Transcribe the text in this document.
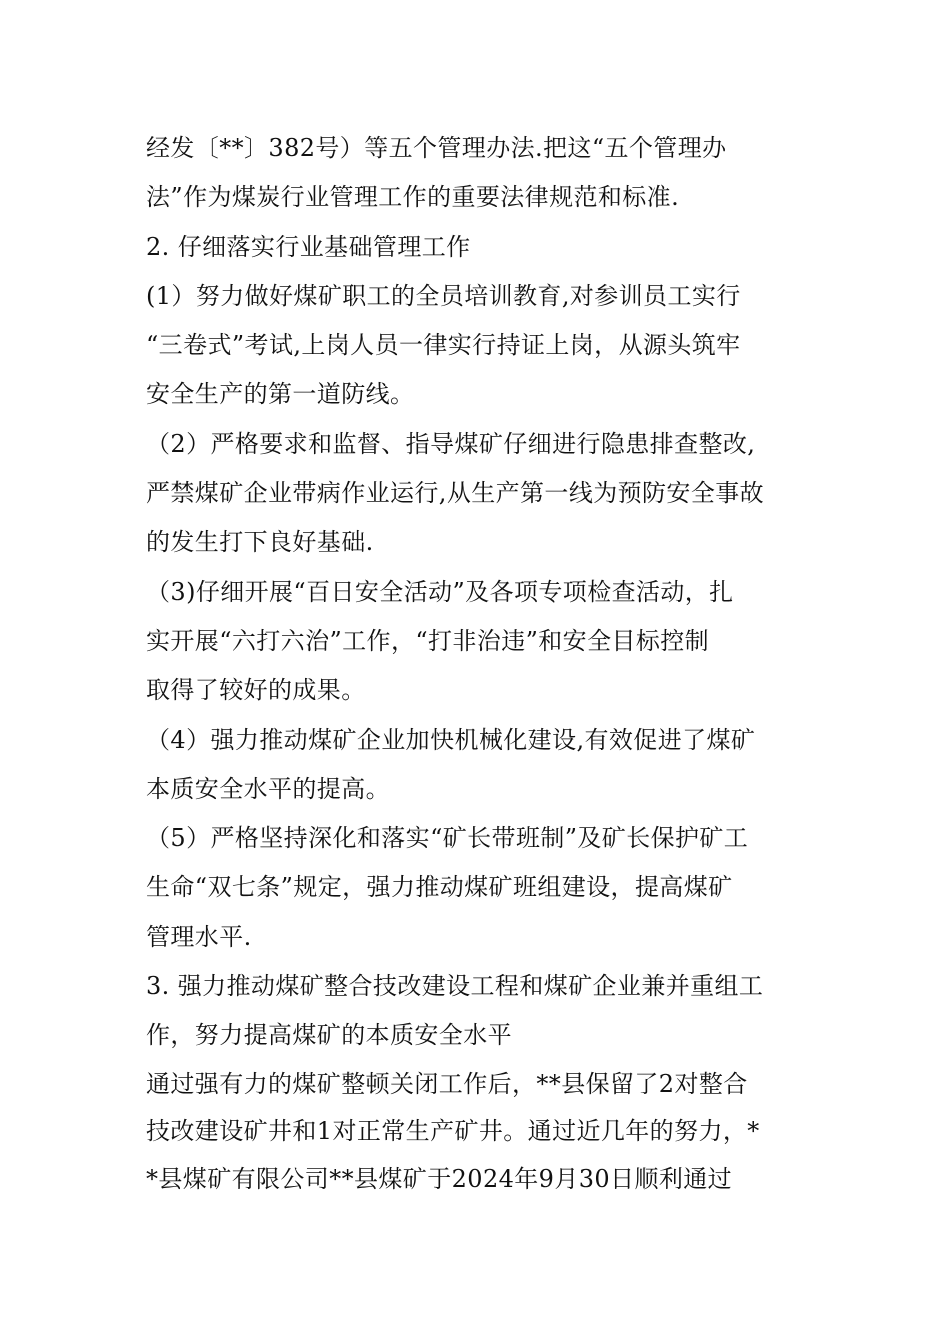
经发〔**〕382号）等五个管理办法.把这“五个管理办
法”作为煤炭行业管理工作的重要法律规范和标准.
2. 仔细落实行业基础管理工作
(1）努力做好煤矿职工的全员培训教育,对参训员工实行
“三卷式”考试,上岗人员一律实行持证上岗，从源头筑牢
安全生产的第一道防线。
（2）严格要求和监督、指导煤矿仔细进行隐患排查整改,
严禁煤矿企业带病作业运行,从生产第一线为预防安全事故
的发生打下良好基础.
（3)仔细开展“百日安全活动”及各项专项检查活动，扎
实开展“六打六治”工作，“打非治违”和安全目标控制
取得了较好的成果。
（4）强力推动煤矿企业加快机械化建设,有效促进了煤矿
本质安全水平的提高。
（5）严格坚持深化和落实“矿长带班制”及矿长保护矿工
生命“双七条”规定，强力推动煤矿班组建设，提高煤矿
管理水平.
3. 强力推动煤矿整合技改建设工程和煤矿企业兼并重组工
作，努力提高煤矿的本质安全水平
通过强有力的煤矿整顿关闭工作后，**县保留了2对整合
技改建设矿井和1对正常生产矿井。通过近几年的努力，*
*县煤矿有限公司**县煤矿于2024年9月30日顺利通过
